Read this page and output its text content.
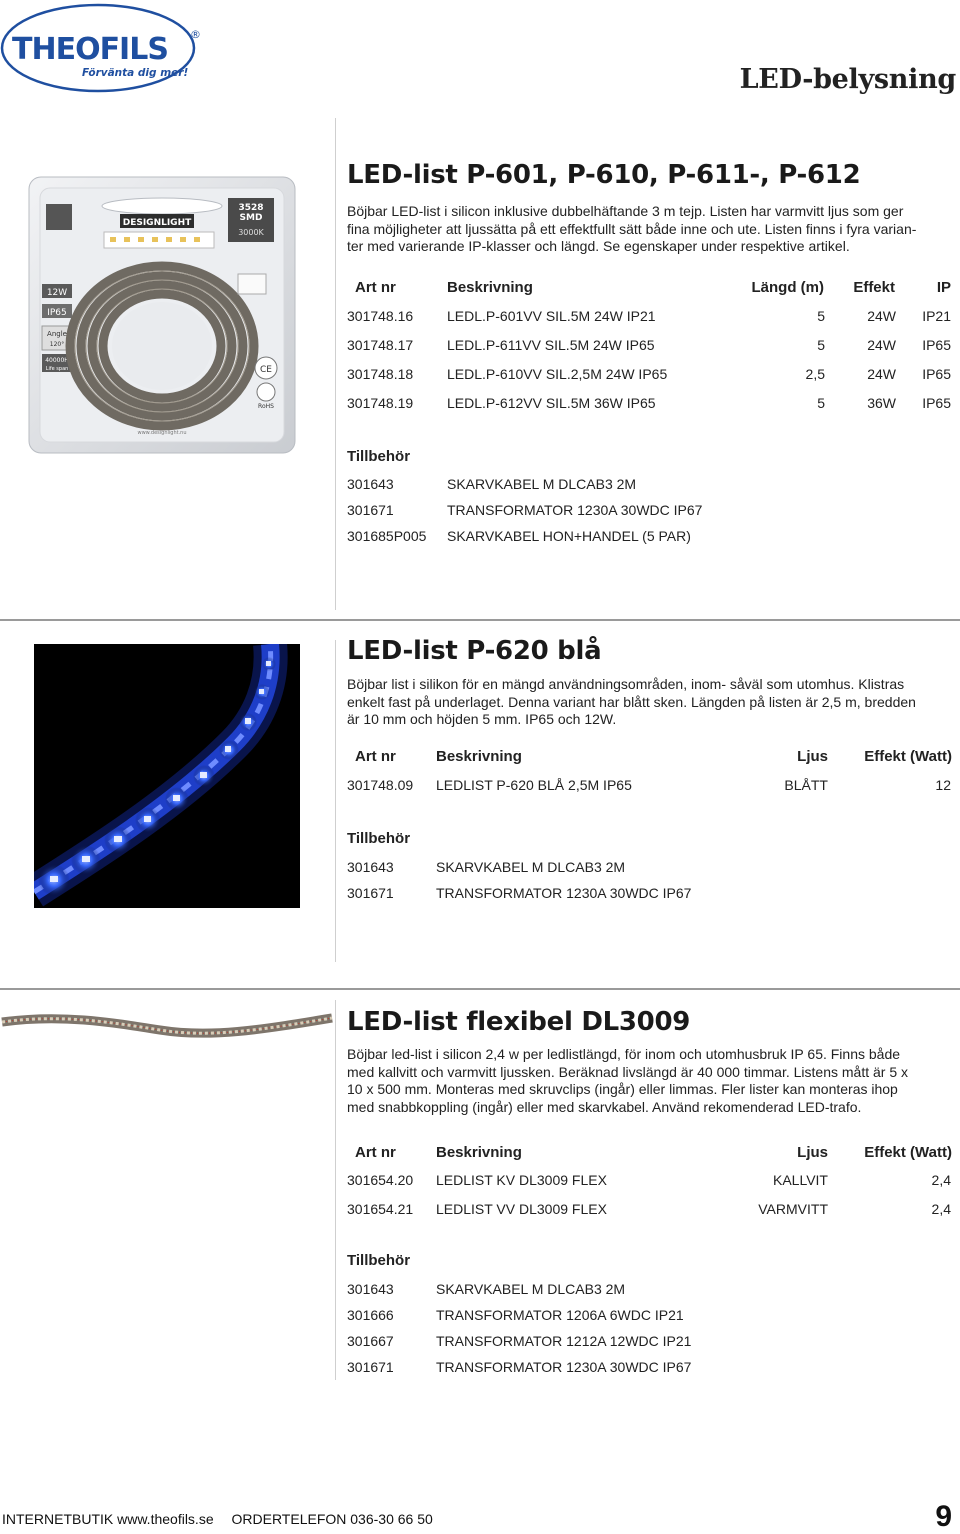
THEOFILS ®
Förvänta dig mer!	LED-belysning
DESIGNLIGHT
3528
SMD
3000K
12W
IP65
Angle
120°
40000H
Life span	CE
RoHS
www.designlight.nu
LED-list P-601, P-610, P-611-, P-612

Böjbar LED-list i silicon inklusive dubbelhäftande 3 m tejp. Listen har varmvitt ljus som ger

fina möjligheter att ljussätta på ett effektfullt sätt både inne och ute. Listen finns i fyra varian-

ter med varierande IP-klasser och längd. Se egenskaper under respektive artikel.

Art nr	Beskrivning	Längd (m)	Effekt	IP
301748.16 LEDL.P-601VV SIL.5M 24W IP21	5	24W	IP21
301748.17 LEDL.P-611VV SIL.5M 24W IP65	5	24W	IP65
301748.18 LEDL.P-610VV SIL.2,5M 24W IP65	2,5	24W	IP65
301748.19 LEDL.P-612VV SIL.5M 36W IP65	5	36W	IP65
Tillbehör
301643	SKARVKABEL M DLCAB3 2M
301671	TRANSFORMATOR 1230A 30WDC IP67
301685P005 SKARVKABEL HON+HANDEL (5 PAR)
LED-list P-620 blå

Böjbar list i silikon för en mängd användningsområden, inom- såväl som utomhus. Klistras

enkelt fast på underlaget. Denna variant har blått sken. Längden på listen är 2,5 m, bredden

är 10 mm och höjden 5 mm. IP65 och 12W.

Art nr	Beskrivning	Ljus	Effekt (Watt)
301748.09 LEDLIST P-620 BLÅ 2,5M IP65	BLÅTT	12
Tillbehör
301643	SKARVKABEL M DLCAB3 2M
301671	TRANSFORMATOR 1230A 30WDC IP67
LED-list flexibel DL3009

Böjbar led-list i silicon 2,4 w per ledlistlängd, för inom och utomhusbruk IP 65. Finns både

med kallvitt och varmvitt ljussken. Beräknad livslängd är 40 000 timmar. Listens mått är 5 x

10 x 500 mm. Monteras med skruvclips (ingår) eller limmas. Fler lister kan monteras ihop

med snabbkoppling (ingår) eller med skarvkabel. Använd rekomenderad LED-trafo.

Art nr	Beskrivning	Ljus	Effekt (Watt)
301654.20 LEDLIST KV DL3009 FLEX	KALLVIT	2,4
301654.21 LEDLIST VV DL3009 FLEX	VARMVITT	2,4
Tillbehör
301643	SKARVKABEL M DLCAB3 2M
301666	TRANSFORMATOR 1206A 6WDC IP21
301667	TRANSFORMATOR 1212A 12WDC IP21
301671	TRANSFORMATOR 1230A 30WDC IP67
INTERNETBUTIK www.theofils.se ORDERTELEFON 036-30 66 50	9
